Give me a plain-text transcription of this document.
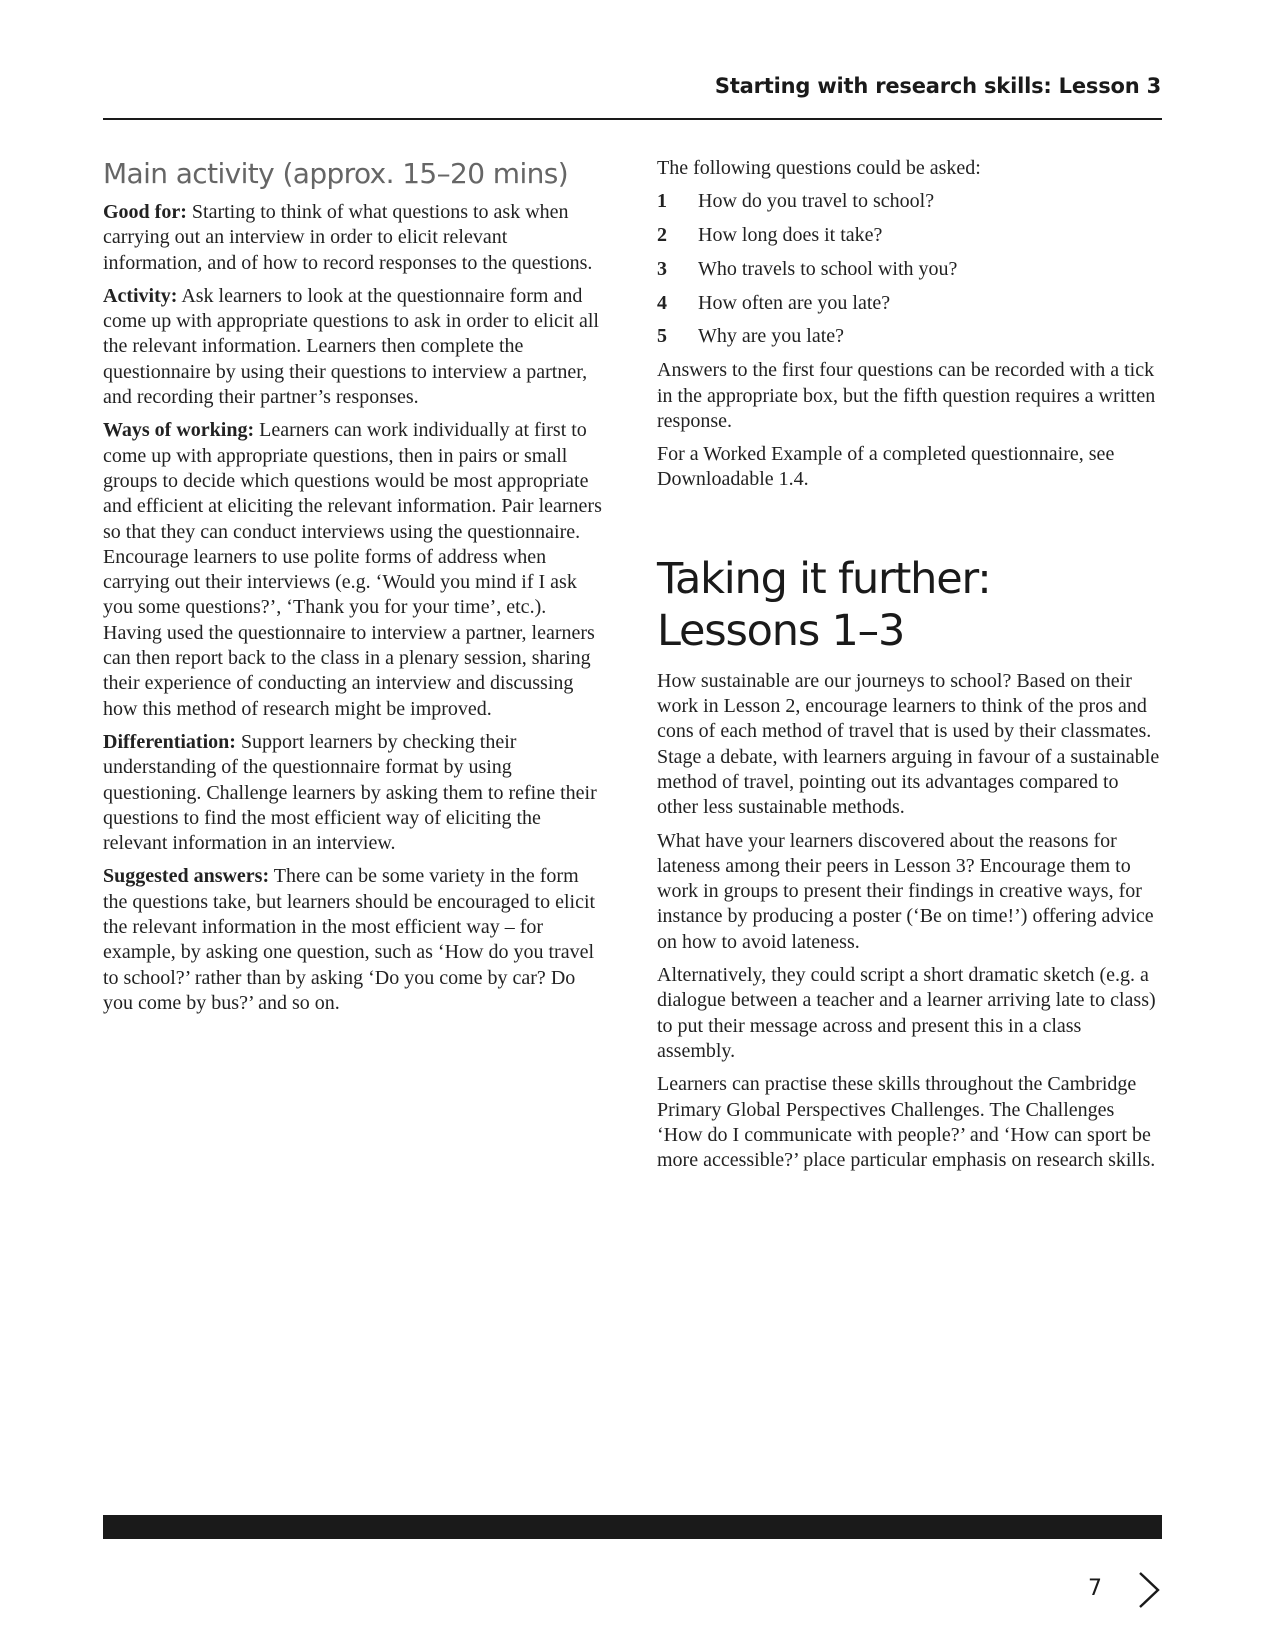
Starting with research skills: Lesson 3
Main activity (approx. 15–20 mins)

Good for: Starting to think of what questions to ask when carrying out an interview in order to elicit relevant information, and of how to record responses to the questions.

Activity: Ask learners to look at the questionnaire form and come up with appropriate questions to ask in order to elicit all the relevant information. Learners then complete the questionnaire by using their questions to interview a partner, and recording their partner’s responses.

Ways of working: Learners can work individually at first to come up with appropriate questions, then in pairs or small groups to decide which questions would be most appropriate and efficient at eliciting the relevant information. Pair learners so that they can conduct interviews using the questionnaire. Encourage learners to use polite forms of address when carrying out their interviews (e.g. ‘Would you mind if I ask you some questions?’, ‘Thank you for your time’, etc.). Having used the questionnaire to interview a partner, learners can then report back to the class in a plenary session, sharing their experience of conducting an interview and discussing how this method of research might be improved.

Differentiation: Support learners by checking their understanding of the questionnaire format by using questioning. Challenge learners by asking them to refine their questions to find the most efficient way of eliciting the relevant information in an interview.

Suggested answers: There can be some variety in the form the questions take, but learners should be encouraged to elicit the relevant information in the most efficient way – for example, by asking one question, such as ‘How do you travel to school?’ rather than by asking ‘Do you come by car? Do you come by bus?’ and so on.

The following questions could be asked:

1	How do you travel to school?
2	How long does it take?
3	Who travels to school with you?
4	How often are you late?
5	Why are you late?

Answers to the first four questions can be recorded with a tick in the appropriate box, but the fifth question requires a written response.

For a Worked Example of a completed questionnaire, see Downloadable 1.4.

Taking it further:
Lessons 1–3

How sustainable are our journeys to school? Based on their work in Lesson 2, encourage learners to think of the pros and cons of each method of travel that is used by their classmates. Stage a debate, with learners arguing in favour of a sustainable method of travel, pointing out its advantages compared to other less sustainable methods.

What have your learners discovered about the reasons for lateness among their peers in Lesson 3? Encourage them to work in groups to present their findings in creative ways, for instance by producing a poster (‘Be on time!’) offering advice on how to avoid lateness.

Alternatively, they could script a short dramatic sketch (e.g. a dialogue between a teacher and a learner arriving late to class) to put their message across and present this in a class assembly.

Learners can practise these skills throughout the Cambridge Primary Global Perspectives Challenges. The Challenges ‘How do I communicate with people?’ and ‘How can sport be more accessible?’ place particular emphasis on research skills.

7
